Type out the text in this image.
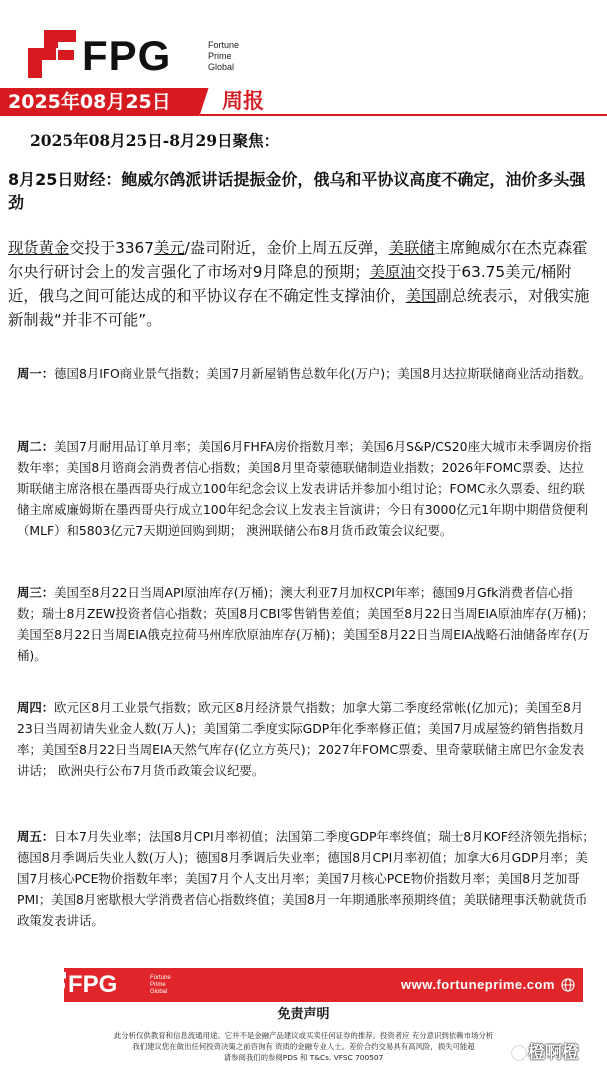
FPG	Fortune
Prime
Global
2025年08月25日 周报
2025年08月25日-8月29日聚焦：
8月25日财经：鲍威尔鸽派讲话提振金价，俄乌和平协议高度不确定，油价多头强劲
现货黄金交投于3367美元/盎司附近，金价上周五反弹，美联储主席鲍威尔在杰克森霍尔央行研讨会上的发言强化了市场对9月降息的预期；美原油交投于63.75美元/桶附近，俄乌之间可能达成的和平协议存在不确定性支撑油价，美国副总统表示，对俄实施新制裁“并非不可能”。
周一：德国8月IFO商业景气指数；美国7月新屋销售总数年化(万户)；美国8月达拉斯联储商业活动指数。
周二：美国7月耐用品订单月率；美国6月FHFA房价指数月率；美国6月S&P/CS20座大城市未季调房价指数年率；美国8月谘商会消费者信心指数；美国8月里奇蒙德联储制造业指数；2026年FOMC票委、达拉斯联储主席洛根在墨西哥央行成立100年纪念会议上发表讲话并参加小组讨论；FOMC永久票委、纽约联储主席威廉姆斯在墨西哥央行成立100年纪念会议上发表主旨演讲；今日有3000亿元1年期中期借贷便利（MLF）和5803亿元7天期逆回购到期； 澳洲联储公布8月货币政策会议纪要。
周三：美国至8月22日当周API原油库存(万桶)；澳大利亚7月加权CPI年率；德国9月Gfk消费者信心指数；瑞士8月ZEW投资者信心指数；英国8月CBI零售销售差值；美国至8月22日当周EIA原油库存(万桶)；美国至8月22日当周EIA俄克拉荷马州库欣原油库存(万桶)；美国至8月22日当周EIA战略石油储备库存(万桶)。
周四：欧元区8月工业景气指数；欧元区8月经济景气指数；加拿大第二季度经常帐(亿加元)；美国至8月23日当周初请失业金人数(万人)；美国第二季度实际GDP年化季率修正值；美国7月成屋签约销售指数月率；美国至8月22日当周EIA天然气库存(亿立方英尺)；2027年FOMC票委、里奇蒙联储主席巴尔金发表讲话； 欧洲央行公布7月货币政策会议纪要。
周五：日本7月失业率；法国8月CPI月率初值；法国第二季度GDP年率终值；瑞士8月KOF经济领先指标；德国8月季调后失业人数(万人)；德国8月季调后失业率；德国8月CPI月率初值；加拿大6月GDP月率；美国7月核心PCE物价指数年率；美国7月个人支出月率；美国7月核心PCE物价指数月率；美国8月芝加哥PMI；美国8月密歇根大学消费者信心指数终值；美国8月一年期通胀率预期终值；美联储理事沃勒就货币政策发表讲话。
FPG	Fortune
Prime
Global	www.fortuneprime.com
免责声明
此分析仅供教育和信息流通用途。它并不是金融产品建议或买卖任何证券的推荐。投资者应 充分意识到依赖市场分析
我们建议您在做出任何投资决策之前咨询有 资质的金融专业人士。差价合约交易具有高风险，损失可能超
请参阅我们的参阅PDS 和 T&Cs. VFSC 700507	橙啊橙
